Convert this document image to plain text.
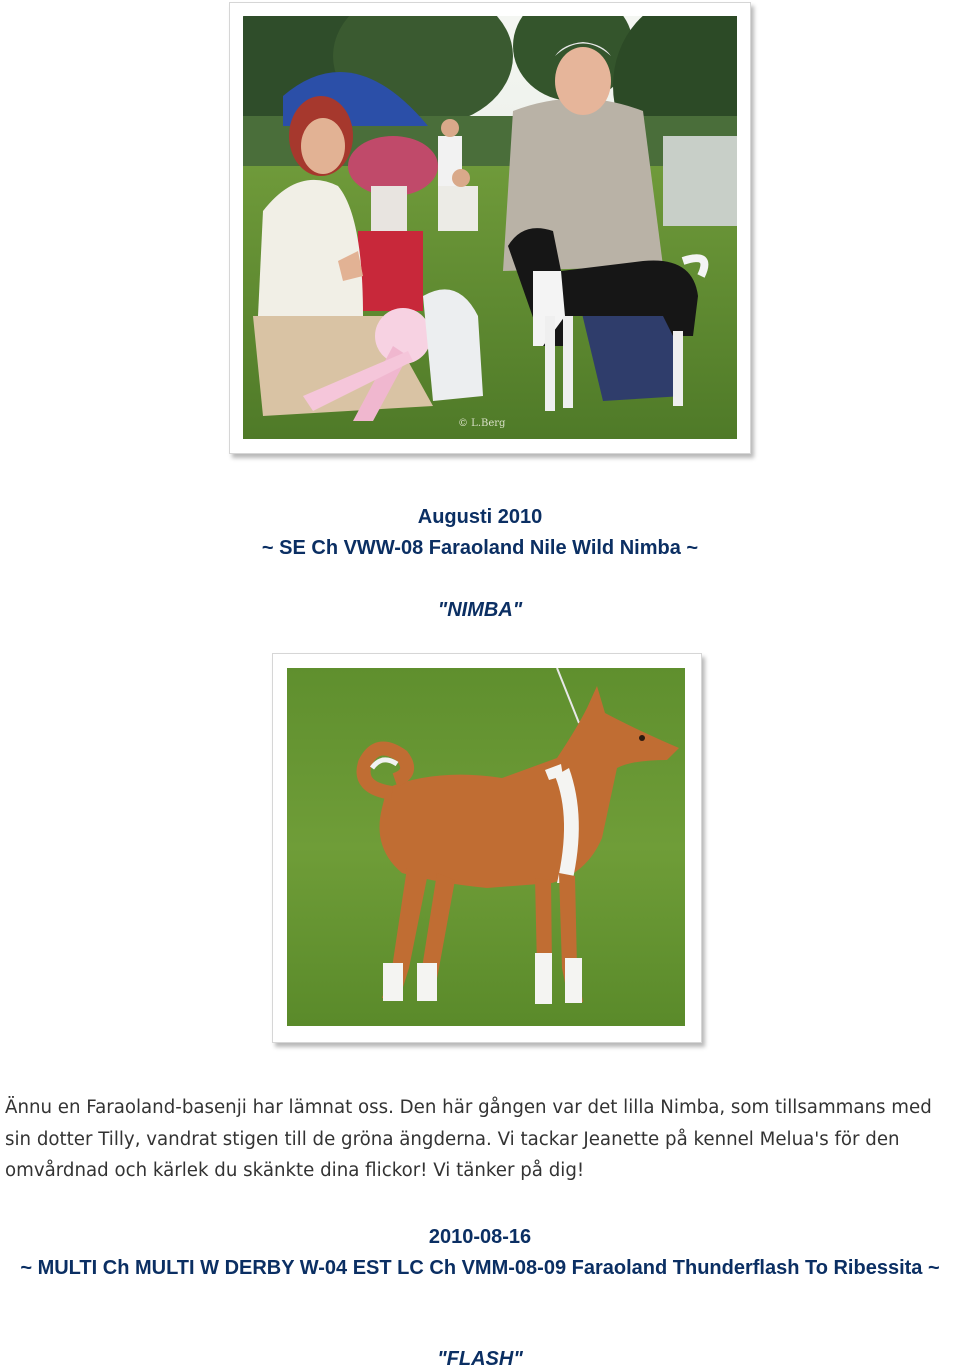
© L.Berg

Augusti 2010

~ SE Ch VWW-08 Faraoland Nile Wild Nimba ~

"NIMBA"

Ännu en Faraoland-basenji har lämnat oss. Den här gången var det lilla Nimba, som tillsammans med sin dotter Tilly, vandrat stigen till de gröna ängderna. Vi tackar Jeanette på kennel Melua's för den omvårdnad och kärlek du skänkte dina flickor! Vi tänker på dig!

2010-08-16

~ MULTI Ch MULTI W DERBY W-04 EST LC Ch VMM-08-09 Faraoland Thunderflash To Ribessita ~

"FLASH"
